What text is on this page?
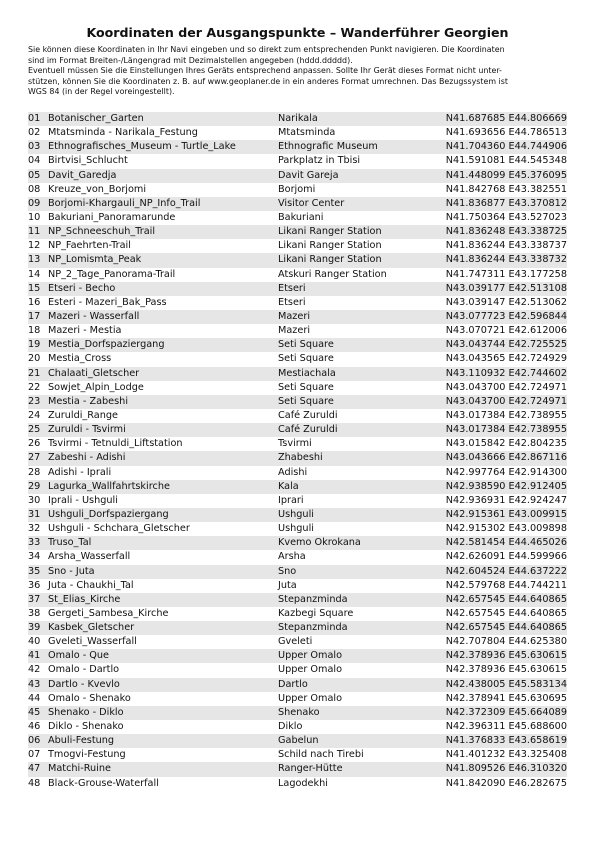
Koordinaten der Ausgangspunkte – Wanderführer Georgien

Sie können diese Koordinaten in Ihr Navi eingeben und so direkt zum entsprechenden Punkt navigieren. Die Koordinaten

sind im Format Breiten-/Längengrad mit Dezimalstellen angegeben (hddd.ddddd).

Eventuell müssen Sie die Einstellungen Ihres Geräts entsprechend anpassen. Sollte Ihr Gerät dieses Format nicht unter-

stützen, können Sie die Koordinaten z. B. auf www.geoplaner.de in ein anderes Format umrechnen. Das Bezugssystem ist

WGS 84 (in der Regel voreingestellt).

01 Botanischer_Garten	Narikala	N41.687685 E44.806669
02 Mtatsminda - Narikala_Festung	Mtatsminda	N41.693656 E44.786513
03 Ethnografisches_Museum - Turtle_Lake	Ethnografic Museum	N41.704360 E44.744906
04 Birtvisi_Schlucht	Parkplatz in Tbisi	N41.591081 E44.545348
05 Davit_Garedja	Davit Gareja	N41.448099 E45.376095
08 Kreuze_von_Borjomi	Borjomi	N41.842768 E43.382551
09 Borjomi-Khargauli_NP_Info_Trail	Visitor Center	N41.836877 E43.370812
10 Bakuriani_Panoramarunde	Bakuriani	N41.750364 E43.527023
11 NP_Schneeschuh_Trail	Likani Ranger Station	N41.836248 E43.338725
12 NP_Faehrten-Trail	Likani Ranger Station	N41.836244 E43.338737
13 NP_Lomismta_Peak	Likani Ranger Station	N41.836244 E43.338732
14 NP_2_Tage_Panorama-Trail	Atskuri Ranger Station	N41.747311 E43.177258
15 Etseri - Becho	Etseri	N43.039177 E42.513108
16 Esteri - Mazeri_Bak_Pass	Etseri	N43.039147 E42.513062
17 Mazeri - Wasserfall	Mazeri	N43.077723 E42.596844
18 Mazeri - Mestia	Mazeri	N43.070721 E42.612006
19 Mestia_Dorfspaziergang	Seti Square	N43.043744 E42.725525
20 Mestia_Cross	Seti Square	N43.043565 E42.724929
21 Chalaati_Gletscher	Mestiachala	N43.110932 E42.744602
22 Sowjet_Alpin_Lodge	Seti Square	N43.043700 E42.724971
23 Mestia - Zabeshi	Seti Square	N43.043700 E42.724971
24 Zuruldi_Range	Café Zuruldi	N43.017384 E42.738955
25 Zuruldi - Tsvirmi	Café Zuruldi	N43.017384 E42.738955
26 Tsvirmi - Tetnuldi_Liftstation	Tsvirmi	N43.015842 E42.804235
27 Zabeshi - Adishi	Zhabeshi	N43.043666 E42.867116
28 Adishi - Iprali	Adishi	N42.997764 E42.914300
29 Lagurka_Wallfahrtskirche	Kala	N42.938590 E42.912405
30 Iprali - Ushguli	Iprari	N42.936931 E42.924247
31 Ushguli_Dorfspaziergang	Ushguli	N42.915361 E43.009915
32 Ushguli - Schchara_Gletscher	Ushguli	N42.915302 E43.009898
33 Truso_Tal	Kvemo Okrokana	N42.581454 E44.465026
34 Arsha_Wasserfall	Arsha	N42.626091 E44.599966
35 Sno - Juta	Sno	N42.604524 E44.637222
36 Juta - Chaukhi_Tal	Juta	N42.579768 E44.744211
37 St_Elias_Kirche	Stepanzminda	N42.657545 E44.640865
38 Gergeti_Sambesa_Kirche	Kazbegi Square	N42.657545 E44.640865
39 Kasbek_Gletscher	Stepanzminda	N42.657545 E44.640865
40 Gveleti_Wasserfall	Gveleti	N42.707804 E44.625380
41 Omalo - Que	Upper Omalo	N42.378936 E45.630615
42 Omalo - Dartlo	Upper Omalo	N42.378936 E45.630615
43 Dartlo - Kvevlo	Dartlo	N42.438005 E45.583134
44 Omalo - Shenako	Upper Omalo	N42.378941 E45.630695
45 Shenako - Diklo	Shenako	N42.372309 E45.664089
46 Diklo - Shenako	Diklo	N42.396311 E45.688600
06 Abuli-Festung	Gabelun	N41.376833 E43.658619
07 Tmogvi-Festung	Schild nach Tirebi	N41.401232 E43.325408
47 Matchi-Ruine	Ranger-Hütte	N41.809526 E46.310320
48 Black-Grouse-Waterfall	Lagodekhi	N41.842090 E46.282675
